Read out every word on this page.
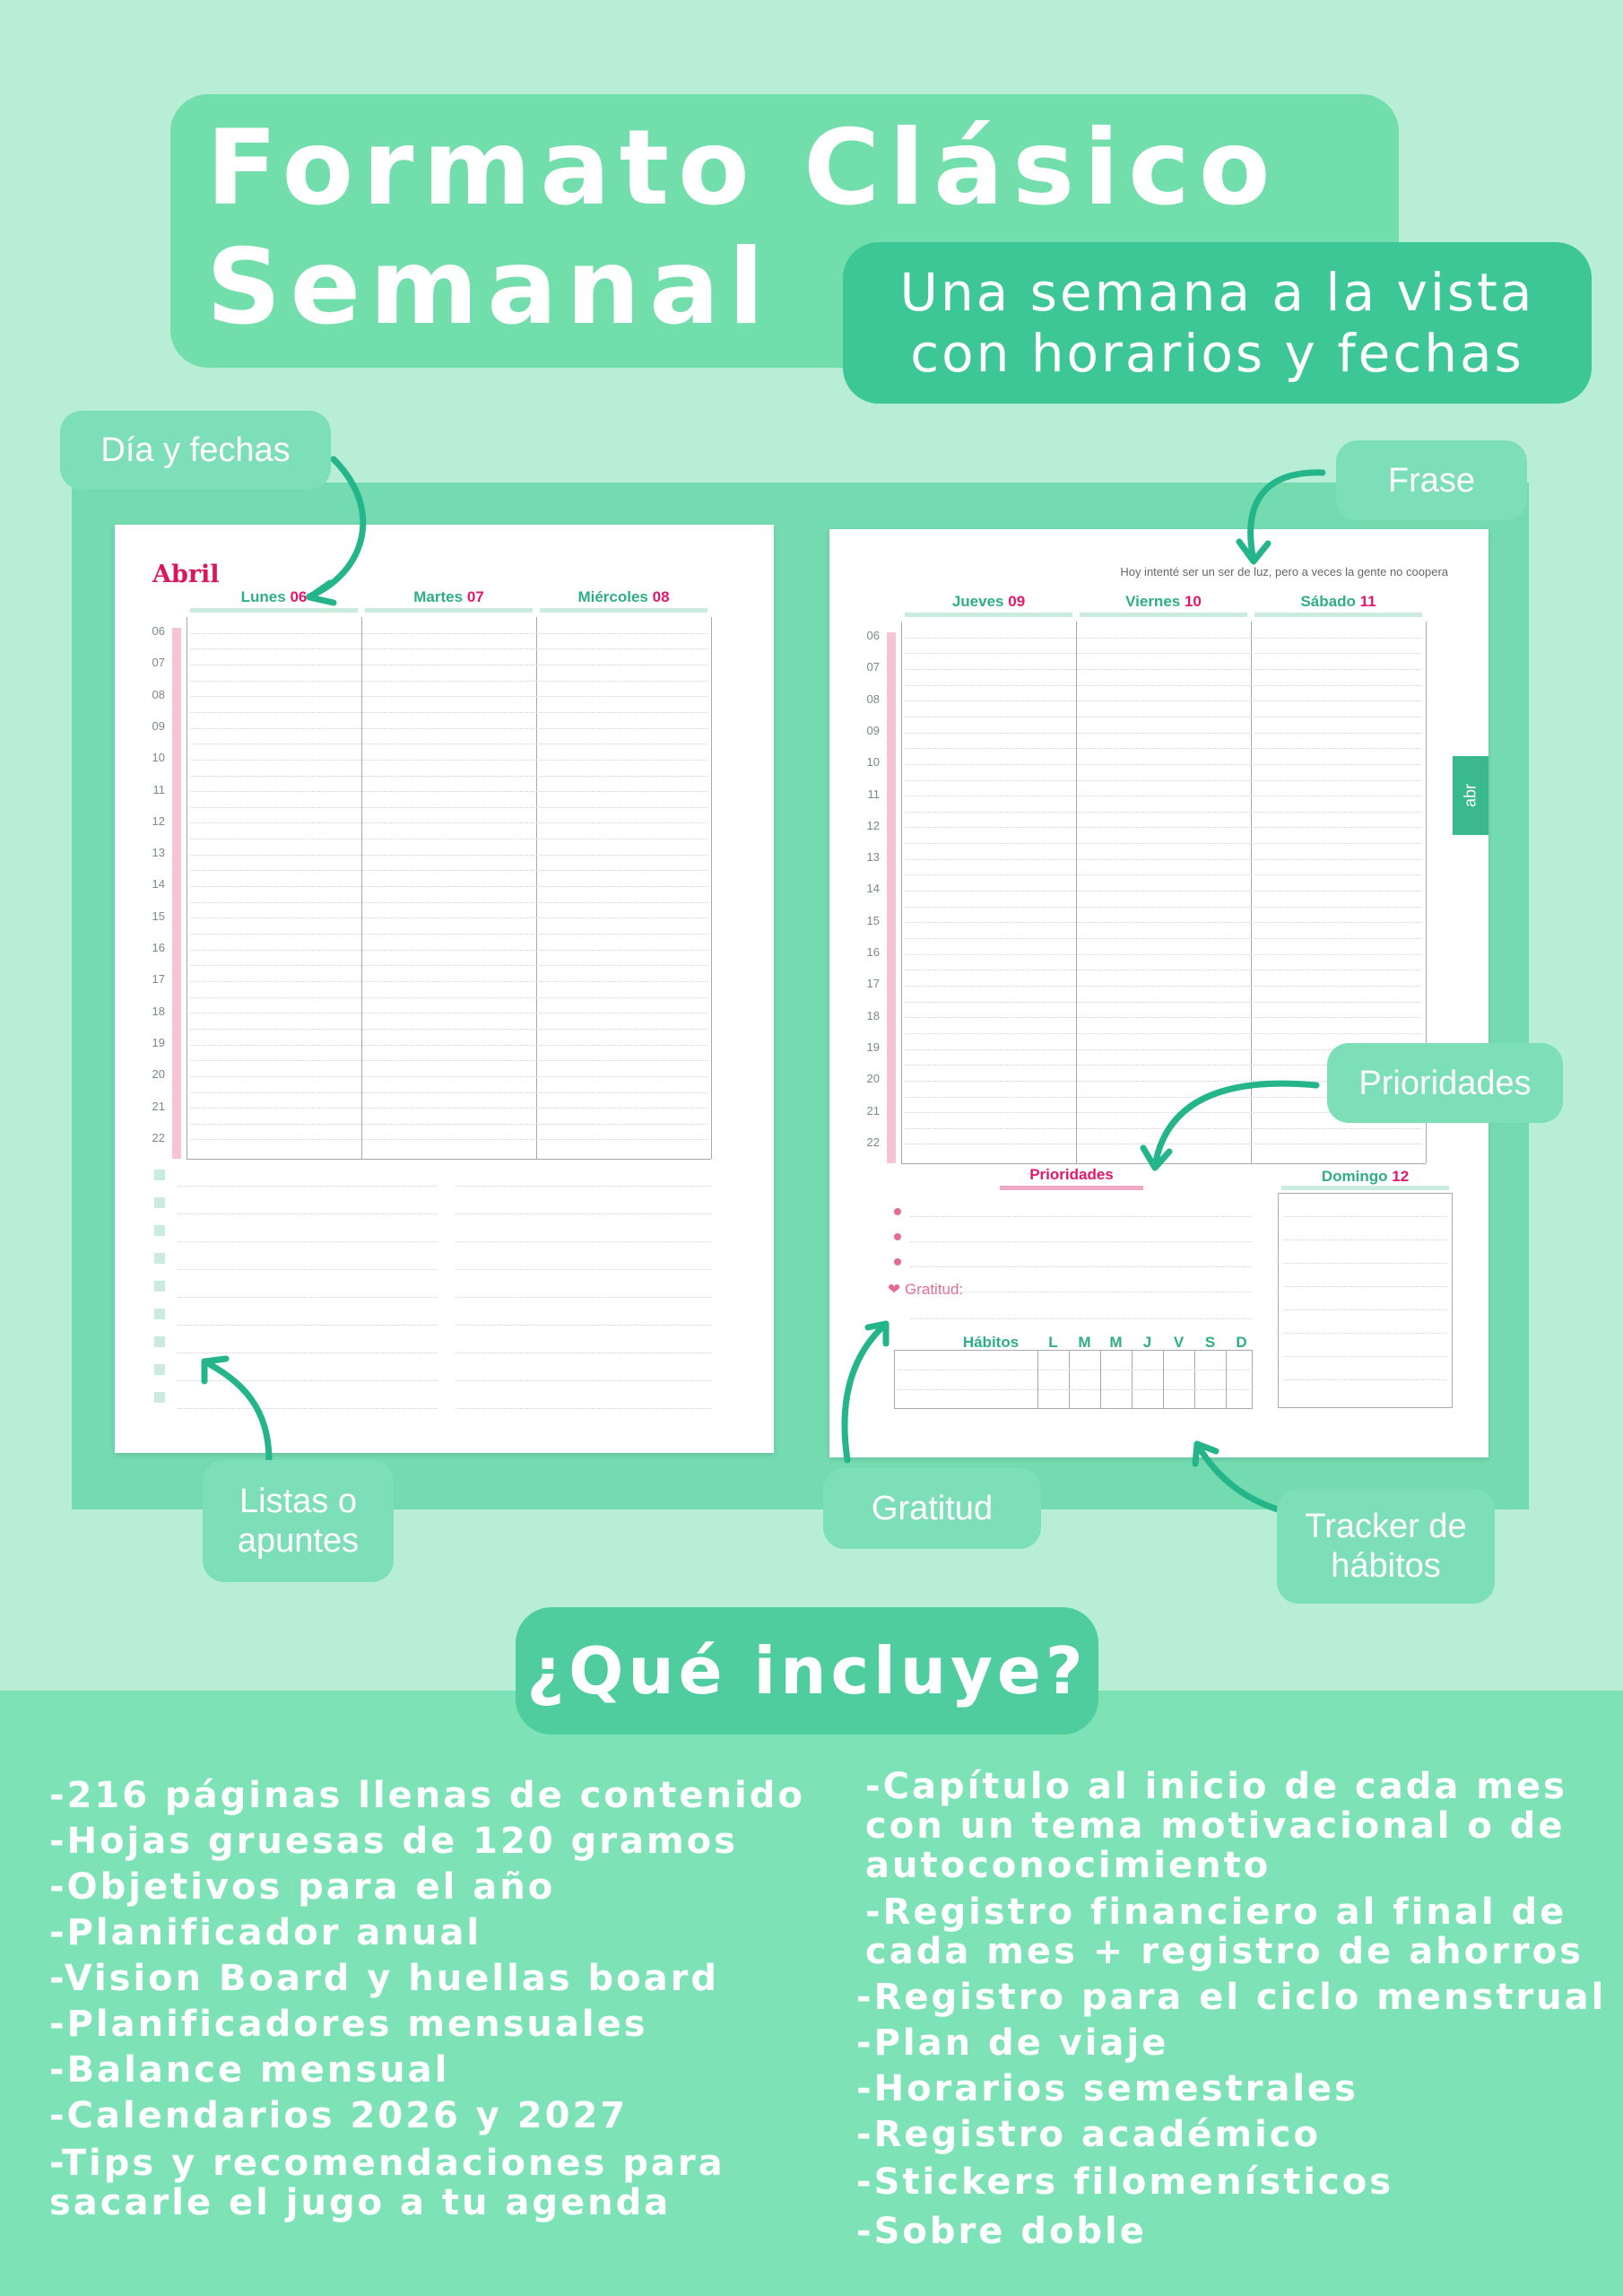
Formato Clásico
Semanal Una semana a la vista
con horarios y fechas
Abril
06
07
08
09
10
11
12
13
14
15
16
17
18
19
20
21
22
Lunes 06	Martes 07	Miércoles 08
Hoy intenté ser un ser de luz, pero a veces la gente no coopera
06
07
08
09
10
11
12
13
14
15
16
17
18
19
20
21
22
Jueves 09	Viernes 10	Sábado 11
Prioridades
❤ Gratitud:
Hábitos
Domingo 12
L	M	M	J	V	S	D
abr
Día y fechas
Frase
Prioridades
Listas o
apuntes
Gratitud	Tracker de
hábitos
¿Qué incluye?
-216 páginas llenas de contenido
-Hojas gruesas de 120 gramos
-Objetivos para el año
-Planificador anual
-Vision Board y huellas board
-Planificadores mensuales
-Balance mensual
-Calendarios 2026 y 2027
-Tips y recomendaciones para
sacarle el jugo a tu agenda
-Capítulo al inicio de cada mes
con un tema motivacional o de
autoconocimiento
-Registro financiero al final de
cada mes + registro de ahorros
-Registro para el ciclo menstrual
-Plan de viaje
-Horarios semestrales
-Registro académico
-Stickers filomenísticos
-Sobre doble
